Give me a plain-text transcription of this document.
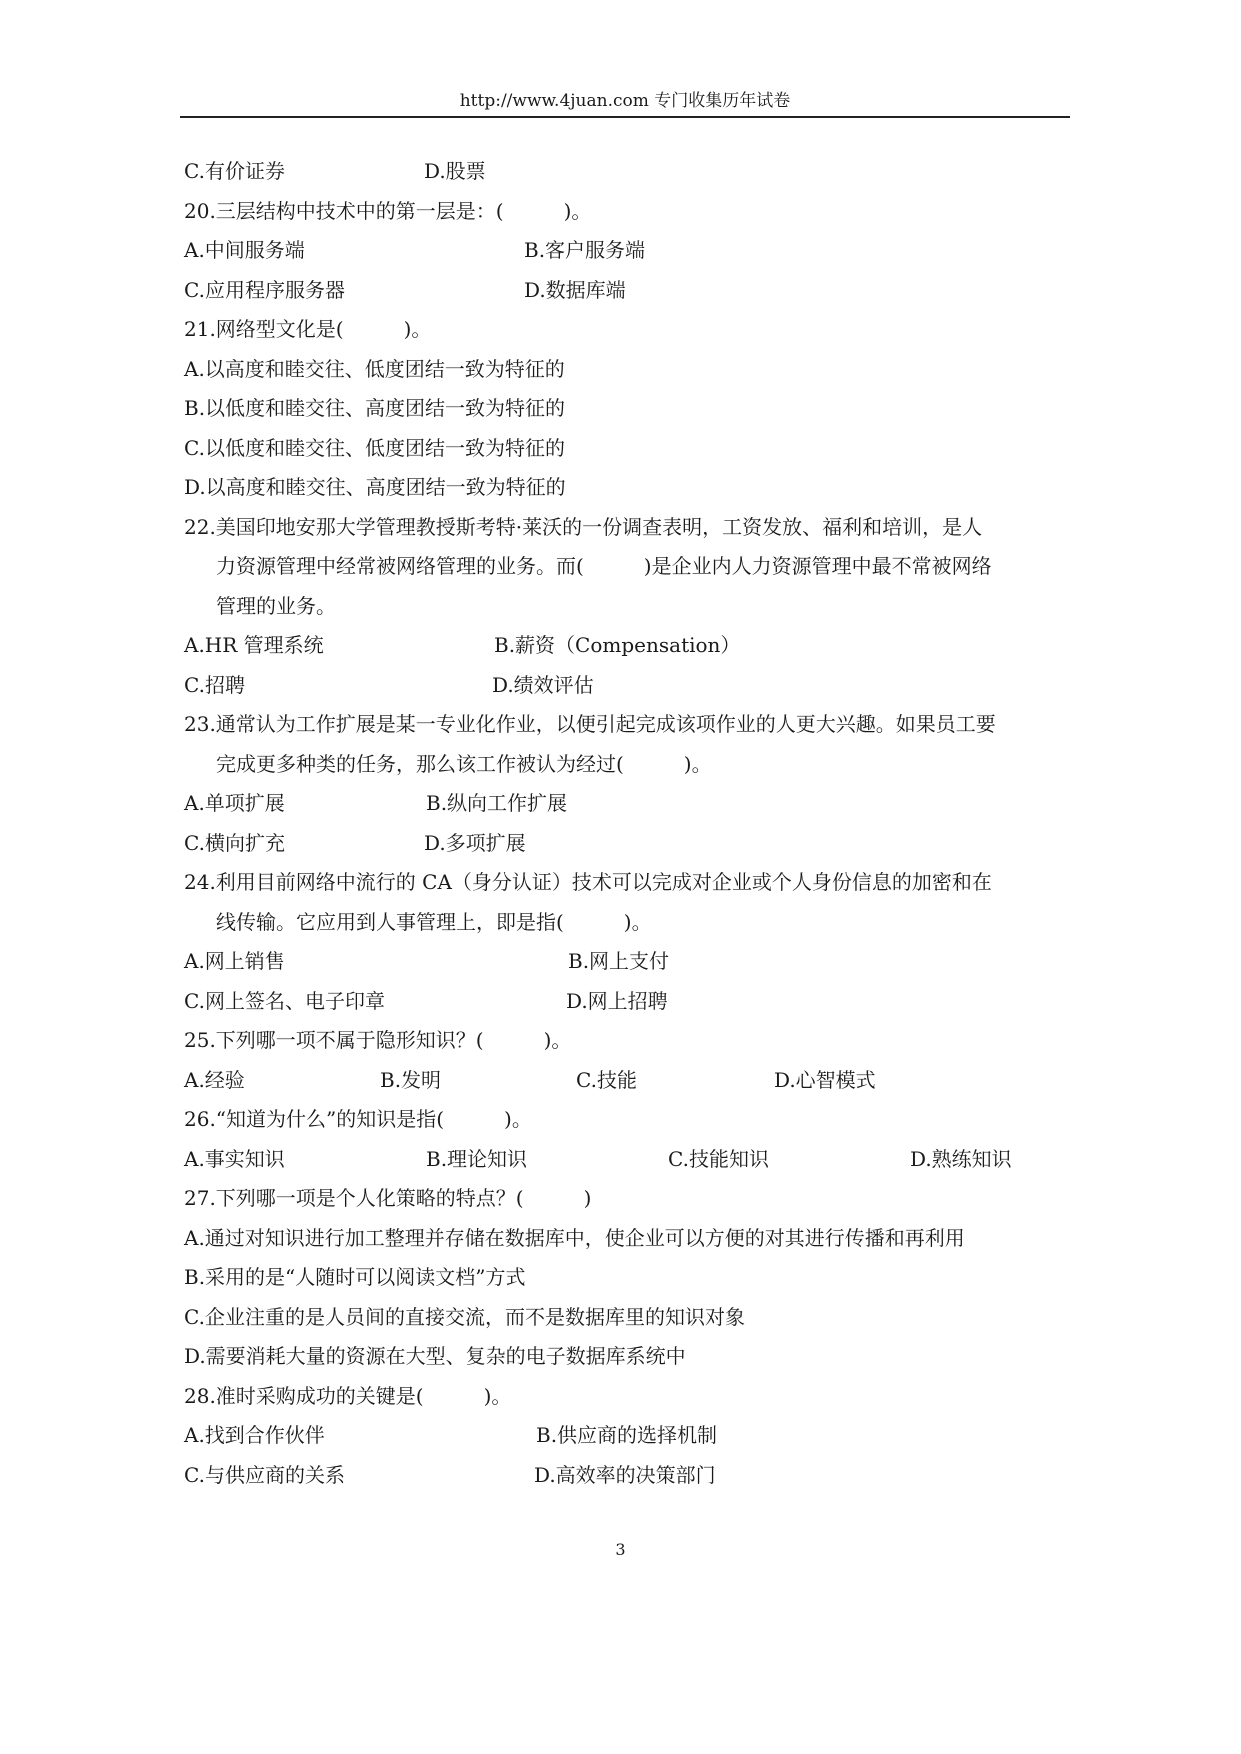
http://www.4juan.com 专门收集历年试卷
C.有价证券	D.股票
20.三层结构中技术中的第一层是：(　　　)。
A.中间服务端	B.客户服务端
C.应用程序服务器	D.数据库端
21.网络型文化是(　　　)。
A.以高度和睦交往、低度团结一致为特征的
B.以低度和睦交往、高度团结一致为特征的
C.以低度和睦交往、低度团结一致为特征的
D.以高度和睦交往、高度团结一致为特征的
22.美国印地安那大学管理教授斯考特·莱沃的一份调查表明，工资发放、福利和培训，是人
力资源管理中经常被网络管理的业务。而(　　　)是企业内人力资源管理中最不常被网络
管理的业务。
A.HR 管理系统	B.薪资（Compensation）
C.招聘	D.绩效评估
23.通常认为工作扩展是某一专业化作业，以便引起完成该项作业的人更大兴趣。如果员工要
完成更多种类的任务，那么该工作被认为经过(　　　)。
A.单项扩展	B.纵向工作扩展
C.横向扩充	D.多项扩展
24.利用目前网络中流行的 CA（身分认证）技术可以完成对企业或个人身份信息的加密和在
线传输。它应用到人事管理上，即是指(　　　)。
A.网上销售	B.网上支付
C.网上签名、电子印章	D.网上招聘
25.下列哪一项不属于隐形知识？(　　　)。
A.经验	B.发明	C.技能	D.心智模式
26.“知道为什么”的知识是指(　　　)。
A.事实知识	B.理论知识	C.技能知识	D.熟练知识
27.下列哪一项是个人化策略的特点？(　　　)
A.通过对知识进行加工整理并存储在数据库中，使企业可以方便的对其进行传播和再利用
B.采用的是“人随时可以阅读文档”方式
C.企业注重的是人员间的直接交流，而不是数据库里的知识对象
D.需要消耗大量的资源在大型、复杂的电子数据库系统中
28.准时采购成功的关键是(　　　)。
A.找到合作伙伴	B.供应商的选择机制
C.与供应商的关系	D.高效率的决策部门
3
